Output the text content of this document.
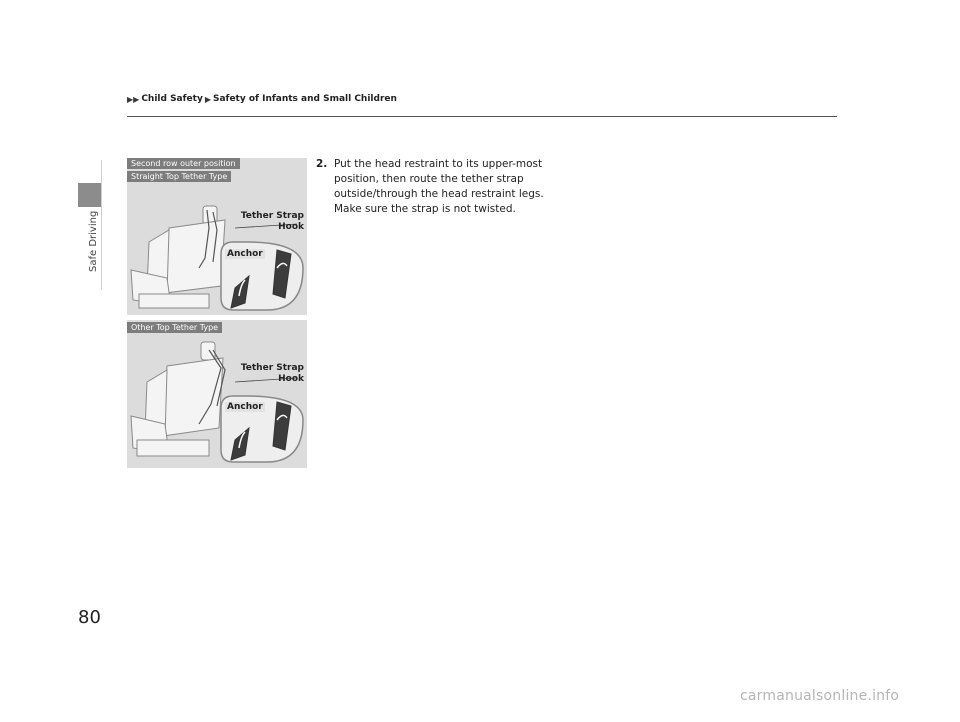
▶▶ Child Safety ▶ Safety of Infants and Small Children
Safe Driving
2. Put the head restraint to its upper-most position, then route the tether strap outside/through the head restraint legs. Make sure the strap is not twisted.
Second row outer position
Straight Top Tether Type
Tether Strap
Hook
Anchor
Other Top Tether Type
Tether Strap
Hook
Anchor
80
carmanualsonline.info
